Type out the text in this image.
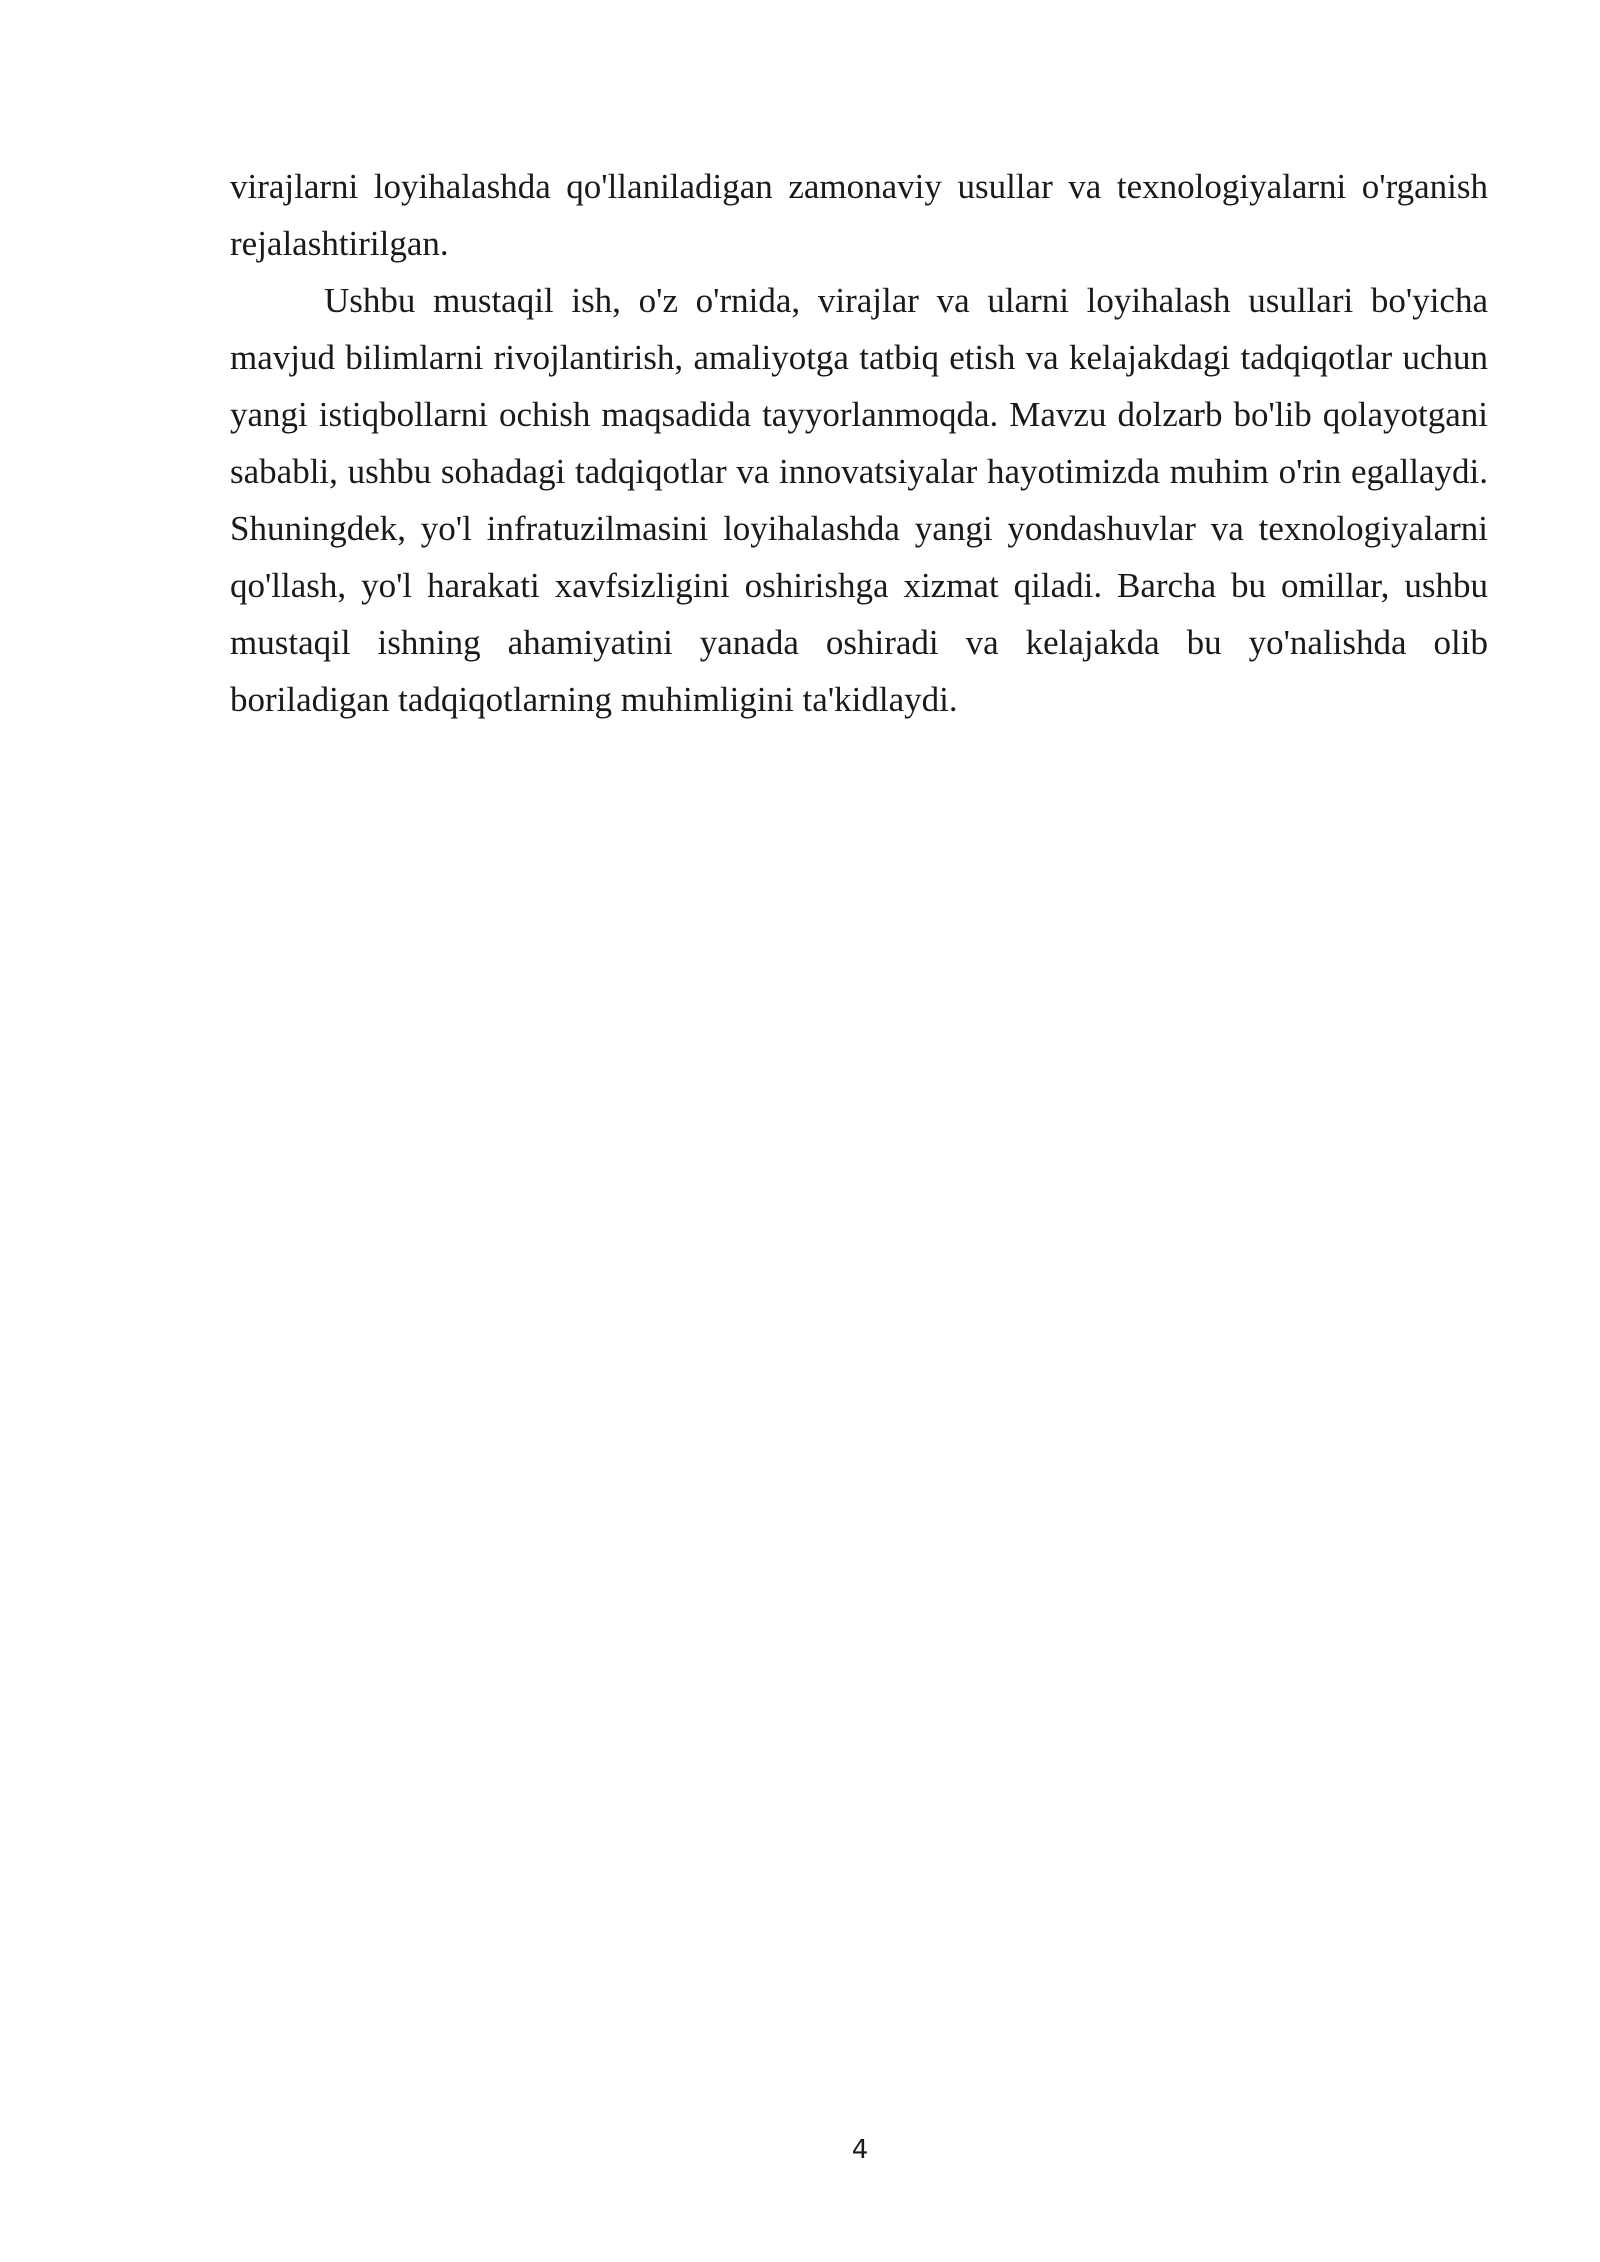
virajlarni loyihalashda qo'llaniladigan zamonaviy usullar va texnologiyalarni o'rganish rejalashtirilgan.

Ushbu mustaqil ish, o'z o'rnida, virajlar va ularni loyihalash usullari bo'yicha mavjud bilimlarni rivojlantirish, amaliyotga tatbiq etish va kelajakdagi tadqiqotlar uchun yangi istiqbollarni ochish maqsadida tayyorlanmoqda. Mavzu dolzarb bo'lib qolayotgani sababli, ushbu sohadagi tadqiqotlar va innovatsiyalar hayotimizda muhim o'rin egallaydi. Shuningdek, yo'l infratuzilmasini loyihalashda yangi yondashuvlar va texnologiyalarni qo'llash, yo'l harakati xavfsizligini oshirishga xizmat qiladi. Barcha bu omillar, ushbu mustaqil ishning ahamiyatini yanada oshiradi va kelajakda bu yo'nalishda olib boriladigan tadqiqotlarning muhimligini ta'kidlaydi.

4
